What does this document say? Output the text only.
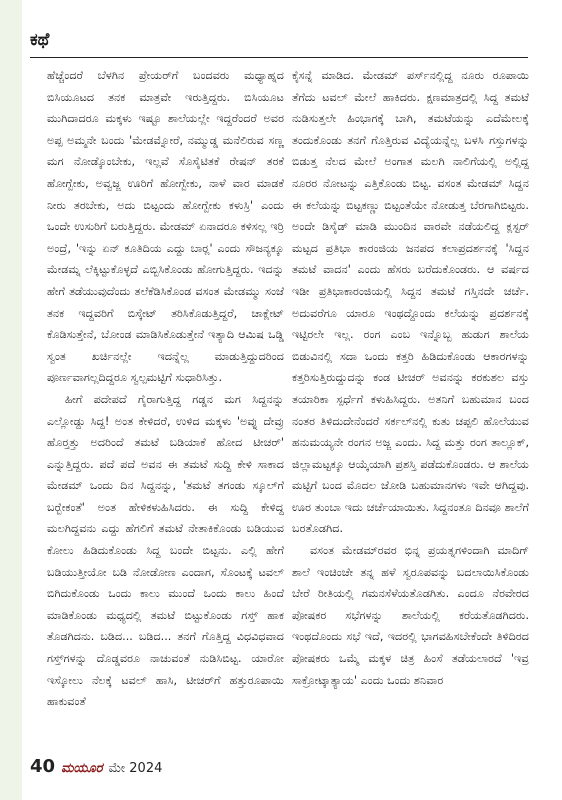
ಕಥೆ

ಹೆಚ್ಚೆಂದರೆ ಬೆಳಗಿನ ಪ್ರೇಯರ್‌ಗೆ ಬಂದವರು ಮಧ್ಯಾಹ್ನದ ಬಿಸಿಯೂಟದ ತನಕ ಮಾತ್ರವೇ ಇರುತ್ತಿದ್ದರು. ಬಿಸಿಯೂಟ ಮುಗಿದಾದರೂ ಮಕ್ಕಳು ಇಷ್ಟೂ ಶಾಲೆಯಲ್ಲೇ ಇದ್ದರೆಂದರೆ ಅವರ ಅಪ್ಪ ಅಮ್ಮನೇ ಬಂದು 'ಮೇಡಮ್ನೋರೆ, ನಮ್ಮುಡ್ಡ ಮನೆಲಿರುವ ಸಣ್ಣ ಮಗ ನೋಡ್ಕೊಂಬೇಕು, ಇಲ್ಲವೆ ಸೊಸೈಟಿತಕೆ ರೇಷನ್ ತರಕೆ ಹೋಗ್ಬೇಕು, ಅವ್ವಜ್ಜ ಊರಿಗೆ ಹೋಗ್ಬೇಕು, ನಾಳೆ ವಾರ ಮಾಡಕೆ ನೀರು ತರಬೇಕು, ಅದು ಬಿಟ್ಟಂದು ಹೋಗ್ಬೇಕು ಕಳುಸ್ರಿ' ಎಂದು ಒಂದೇ ಉಸುರಿಗೆ ಬರುತ್ತಿದ್ದರು. ಮೇಡಮ್ ಏನಾದರೂ ಕಳಿಸಲ್ಲ ಇರ್ರಿ ಅಂದ್ರೆ, 'ಇನ್ನು ಏನ್ ಕೂತಿದಿಯ ಎದ್ದು ಬಾರ್‍ಲ' ಎಂದು ಸೌಜನ್ಯಕ್ಕೂ ಮೇಡಮ್ನ ಲೆಕ್ಕಿಟ್ಟುಕೊಳ್ಳದೆ ಎಬ್ಬಿಸಿಕೊಂಡು ಹೋಗುತ್ತಿದ್ದರು. ಇದನ್ನು ಹೇಗೆ ತಡೆಯುವುದೆಂದು ತಲೆಕೆಡಿಸಿಕೊಂಡ ವಸಂತ ಮೇಡಮ್ಮು ಸಂಜೆ ತನಕ ಇದ್ದವರಿಗೆ ಬಿಸ್ಕೇಟ್ ತರಿಸಿಕೊಡುತ್ತಿದ್ದರೆ, ಚಾಕ್ಲೇಟ್ ಕೊಡಿಸುತ್ತೇನೆ, ಬೋಂಡ ಮಾಡಿಸಿಕೊಡುತ್ತೇನೆ ಇತ್ಯಾದಿ ಆಮಿಷ ಒಡ್ಡಿ ಸ್ವಂತ ಖರ್ಚಿನಲ್ಲೇ ಇದನ್ನೆಲ್ಲ ಮಾಡುತ್ತಿದ್ದುದರಿಂದ ಪೂರ್ಣವಾಗಲ್ಲದಿದ್ದರೂ ಸ್ವಲ್ಪಮಟ್ಟಿಗೆ ಸುಧಾರಿಸಿತ್ತು.

ಹೀಗೆ ಪದೇಪದೆ ಗೈರಾಗುತ್ತಿದ್ದ ಗಡ್ಡನ ಮಗ ಸಿದ್ದನನ್ನು ಎಲ್ಲೋಡ್ದು ಸಿದ್ದ! ಅಂತ ಕೇಳಿದರೆ, ಉಳಿದ ಮಕ್ಕಳು 'ಅವ್ನು ದೇವ್ರು ಹೊರ್‍ತತ್ತು ಅದರಿಂದೆ ತಮಟೆ ಬಡಿಯಾಕೆ ಹೋದ ಟೀಚರ್' ಎನ್ನುತ್ತಿದ್ದರು. ಪದೆ ಪದೆ ಅವನ ಈ ತಮಟೆ ಸುದ್ದಿ ಕೇಳಿ ಸಾಕಾದ ಮೇಡಮ್ ಒಂದು ದಿನ ಸಿದ್ದನನ್ನು, 'ತಮಟೆ ತಗಂಡು ಸ್ಕೂಲ್‌ಗೆ ಬರ್‍ಬೇಕಂತೆ' ಅಂತ ಹೇಳಿಕಳುಹಿಸಿದರು. ಈ ಸುದ್ದಿ ಕೇಳಿದ್ದ ಮಲಗಿದ್ದವನು ಎದ್ದು ಹೆಗಲಿಗೆ ತಮಟೆ ನೇತಾಕಿಕೊಂಡು ಬಡಿಯುವ ಕೋಲು ಹಿಡಿದುಕೊಂಡು ಸಿದ್ದ ಬಂದೇ ಬಿಟ್ಟನು. ಎಲ್ಲಿ ಹೇಗೆ ಬಡಿಯುತ್ತೀಯೋ ಬಡಿ ನೋಡೋಣ ಎಂದಾಗ, ಸೊಂಟಕ್ಕೆ ಟವಲ್ ಬಿಗಿದುಕೊಂಡು ಒಂದು ಕಾಲು ಮುಂದೆ ಒಂದು ಕಾಲು ಹಿಂದೆ ಮಾಡಿಕೊಂಡು ಮಧ್ಯದಲ್ಲಿ ತಮಟೆ ಬಿಟ್ಟುಕೊಂಡು ಗಸ್ತ್ ಹಾಕ ತೊಡಗಿದನು. ಬಡಿದ... ಬಡಿದ... ತನಗೆ ಗೊತ್ತಿದ್ದ ವಿಧವಿಧವಾದ ಗಸ್ತ್‌ಗಳನ್ನು ದೊಡ್ಡವರೂ ನಾಚುವಂತೆ ನುಡಿಸಿಬಿಟ್ಟ. ಯಾರೋ ಇಸ್ಕೋಲು ನೆಲಕ್ಕೆ ಟವಲ್ ಹಾಸಿ, ಟೀಚರ್‌ಗೆ ಹತ್ತುರೂಪಾಯಿ ಹಾಕುವಂತೆ

ಕೈಸನ್ನೆ ಮಾಡಿದ. ಮೇಡಮ್ ಪರ್ಸ್‌ನಲ್ಲಿದ್ದ ನೂರು ರೂಪಾಯಿ ತೆಗೆದು ಟವಲ್ ಮೇಲೆ ಹಾಕಿದರು. ಕ್ಷಣಮಾತ್ರದಲ್ಲಿ ಸಿದ್ದ ತಮಟೆ ನುಡಿಸುತ್ತಲೇ ಹಿಂಭಾಗಕ್ಕೆ ಬಾಗಿ, ತಮಟೆಯನ್ನು ಎದೆಮೇಲಕ್ಕೆ ತಂದುಕೊಂಡು ತನಗೆ ಗೊತ್ತಿರುವ ವಿದ್ಯೆಯನ್ನೆಲ್ಲ ಬಳಸಿ ಗಸ್ತುಗಳನ್ನು ಬಿಡುತ್ತ ನೆಲದ ಮೇಲೆ ಅಂಗಾತ ಮಲಗಿ ನಾಲಿಗೆಯಲ್ಲಿ ಅಲ್ಲಿದ್ದ ನೂರರ ನೋಟನ್ನು ಎತ್ತಿಕೊಂಡು ಬಿಟ್ಟ. ವಸಂತ ಮೇಡಮ್ ಸಿದ್ದನ ಈ ಕಲೆಯನ್ನು ಬಿಟ್ಟಕಣ್ಣು ಬಿಟ್ಟಂತೆಯೇ ನೋಡುತ್ತ ಬೆರಗಾಗಿಬಿಟ್ಟರು. ಅಂದೇ ಡಿಸೈಡ್ ಮಾಡಿ ಮುಂದಿನ ವಾರವೇ ನಡೆಯಲಿದ್ದ ಕ್ಲಸ್ಟರ್ ಮಟ್ಟದ ಪ್ರತಿಭಾ ಕಾರಂಜಿಯ ಜನಪದ ಕಲಾಪ್ರದರ್ಶನಕ್ಕೆ 'ಸಿದ್ದನ ತಮಟೆ ವಾದನ' ಎಂದು ಹೆಸರು ಬರೆದುಕೊಂಡರು. ಆ ವರ್ಷದ ಇಡೀ ಪ್ರತಿಭಾಕಾರಂಜಿಯಲ್ಲಿ ಸಿದ್ದನ ತಮಟೆ ಗಸ್ತಿನದೇ ಚರ್ಚೆ. ಅದುವರೆಗೂ ಯಾರೂ ಇಂಥದ್ದೊಂದು ಕಲೆಯನ್ನು ಪ್ರದರ್ಶನಕ್ಕೆ ಇಟ್ಟಿರಲೇ ಇಲ್ಲ. ರಂಗ ಎಂಬ ಇನ್ನೊಬ್ಬ ಹುಡುಗ ಶಾಲೆಯ ಬಿಡುವಿನಲ್ಲಿ ಸದಾ ಒಂದು ಕತ್ತರಿ ಹಿಡಿದುಕೊಂಡು ಆಕಾರಗಳನ್ನು ಕತ್ತರಿಸುತ್ತಿರುದ್ದುದನ್ನು ಕಂಡ ಟೀಚರ್ ಅವನನ್ನು ಕರಕುಶಲ ವಸ್ತು ತಯಾರಿಕಾ ಸ್ಪರ್ಧೆಗೆ ಕಳುಹಿಸಿದ್ದರು. ಅತನಿಗೆ ಬಹುಮಾನ ಬಂದ ನಂತರ ತಿಳಿದುದೇನೆಂದರೆ ಸರ್ಕಲ್‌ನಲ್ಲಿ ಕುತು ಚಪ್ಪಲಿ ಹೊಲೆಯುವ ಹನುಮಯ್ಯನೇ ರಂಗನ ಅಜ್ಜ ಎಂದು. ಸಿದ್ದ ಮತ್ತು ರಂಗ ತಾಲ್ಲೂಕ್, ಜಿಲ್ಲಾಮಟ್ಟಕ್ಕೂ ಆಯ್ಕೆಯಾಗಿ ಪ್ರಶಸ್ತಿ ಪಡೆದುಕೊಂಡರು. ಆ ಶಾಲೆಯ ಮಟ್ಟಿಗೆ ಬಂದ ಮೊದಲ ಜೋಡಿ ಬಹುಮಾನಗಳು ಇವೇ ಆಗಿದ್ದವು. ಊರ ತುಂಬಾ ಇದು ಚರ್ಚೆಯಾಯಿತು. ಸಿದ್ದನಂತೂ ದಿನವೂ ಶಾಲೆಗೆ ಬರತೊಡಗಿದ.

ವಸಂತ ಮೇಡಮ್‌ರವರ ಭಿನ್ನ ಪ್ರಯತ್ನಗಳಿಂದಾಗಿ ಮಾದಿಗ್ ಶಾಲೆ ಇಂಚಿಂಚೇ ತನ್ನ ಹಳೆ ಸ್ವರೂಪವನ್ನು ಬದಲಾಯಿಸಿಕೊಂಡು ಬೇರೆ ರೀತಿಯಲ್ಲಿ ಗಮನಸೆಳೆಯತೊಡಗಿತು. ಎಂದೂ ನೆರವೇರದ ಪೋಷಕರ ಸಭೆಗಳನ್ನು ಶಾಲೆಯಲ್ಲಿ ಕರೆಯತೊಡಗಿದರು. ಇಂಥದೊಂದು ಸಭೆ ಇದೆ, ಇದರಲ್ಲಿ ಭಾಗವಹಿಸಬೇಕೆಂದೇ ತಿಳಿದಿರದ ಪೋಷಕರು ಒಮ್ಮೆ ಮಕ್ಕಳ ಚಿತ್ರ ಹಿಂಸೆ ತಡೆಯಲಾರದೆ 'ಇವ್ರ ಸಾಕ್ರೋಟ್ಕಾತ್ಯಾಯ' ಎಂದು ಒಂದು ಶನಿವಾರ

40 ಮಯೂರ ಮೇ 2024
